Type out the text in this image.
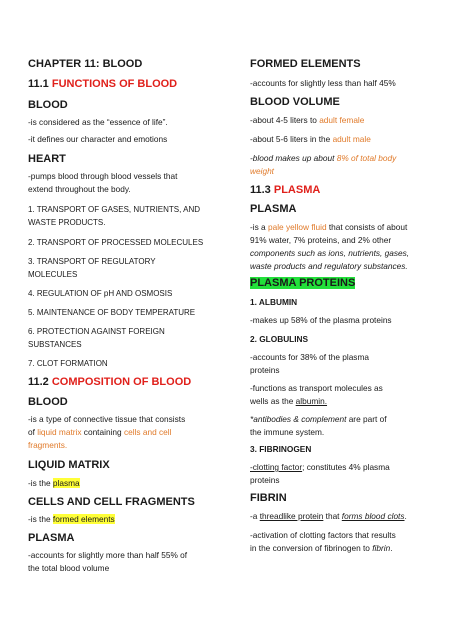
CHAPTER 11: BLOOD

11.1 FUNCTIONS OF BLOOD

BLOOD

-is considered as the “essence of life”.

-it defines our character and emotions

HEART

-pumps blood through blood vessels that

extend throughout the body.

1. TRANSPORT OF GASES, NUTRIENTS, AND

WASTE PRODUCTS.

2. TRANSPORT OF PROCESSED MOLECULES

3. TRANSPORT OF REGULATORY

MOLECULES

4. REGULATION OF pH AND OSMOSIS

5. MAINTENANCE OF BODY TEMPERATURE

6. PROTECTION AGAINST FOREIGN

SUBSTANCES

7. CLOT FORMATION

11.2 COMPOSITION OF BLOOD

BLOOD

-is a type of connective tissue that consists

of liquid matrix containing cells and cell

fragments.

LIQUID MATRIX

-is the plasma

CELLS AND CELL FRAGMENTS

-is the formed elements

PLASMA

-accounts for slightly more than half 55% of

the total blood volume

FORMED ELEMENTS

-accounts for slightly less than half 45%

BLOOD VOLUME

-about 4-5 liters to adult female

-about 5-6 liters in the adult male

-blood makes up about 8% of total body

weight

11.3 PLASMA

PLASMA

-is a pale yellow fluid that consists of about

91% water, 7% proteins, and 2% other

components such as ions, nutrients, gases,

waste products and regulatory substances.

PLASMA PROTEINS

1. ALBUMIN

-makes up 58% of the plasma proteins

2. GLOBULINS

-accounts for 38% of the plasma

proteins

-functions as transport molecules as

wells as the albumin.

*antibodies & complement are part of

the immune system.

3. FIBRINOGEN

-clotting factor; constitutes 4% plasma

proteins

FIBRIN

-a threadlike protein that forms blood clots.

-activation of clotting factors that results

in the conversion of fibrinogen to fibrin.
